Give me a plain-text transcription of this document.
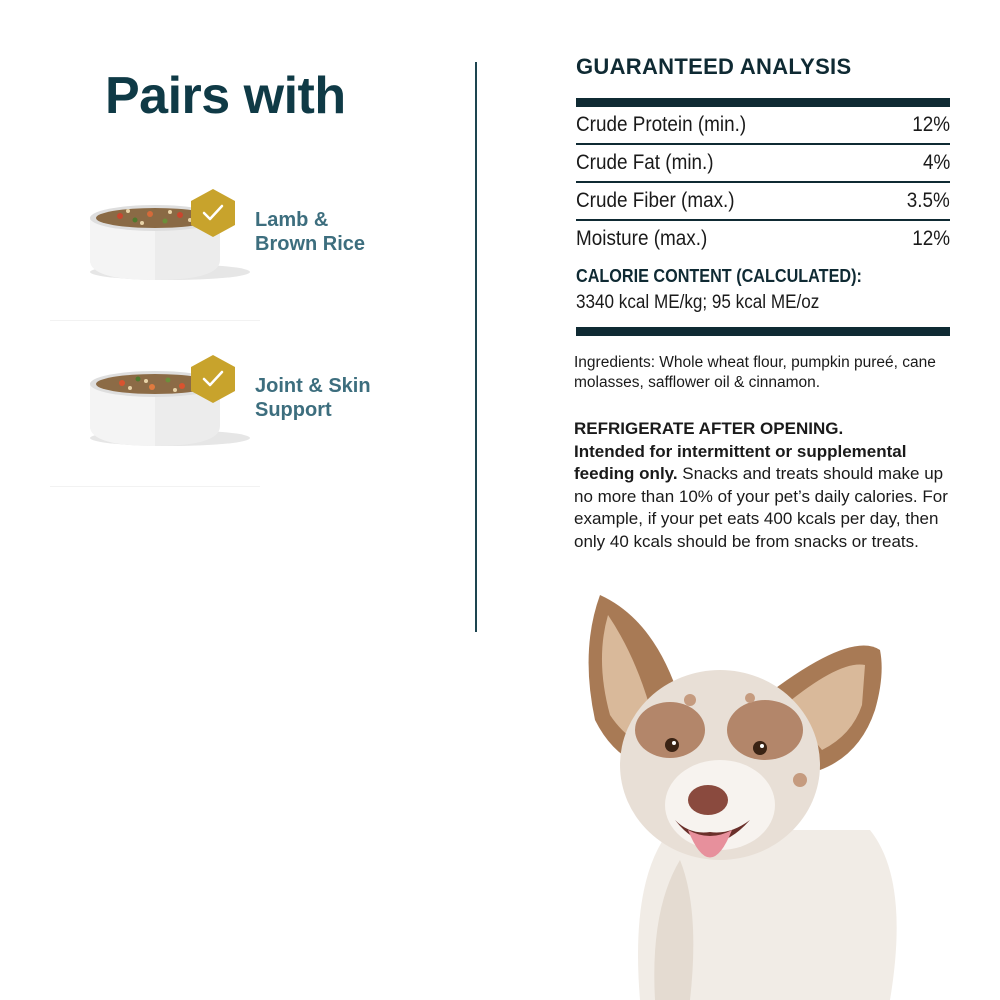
Pairs with
Lamb &
Brown Rice
Joint & Skin
Support
GUARANTEED ANALYSIS
Crude Protein (min.)	12%
Crude Fat (min.)	4%
Crude Fiber (max.)	3.5%
Moisture (max.)	12%
CALORIE CONTENT (CALCULATED):
3340 kcal ME/kg; 95 kcal ME/oz

Ingredients: Whole wheat flour, pumpkin pureé, cane molasses, safflower oil & cinnamon.

REFRIGERATE AFTER OPENING.
Intended for intermittent or supplemental feeding only. Snacks and treats should make up no more than 10% of your pet’s daily calories. For example, if your pet eats 400 kcals per day, then only 40 kcals should be from snacks or treats.
